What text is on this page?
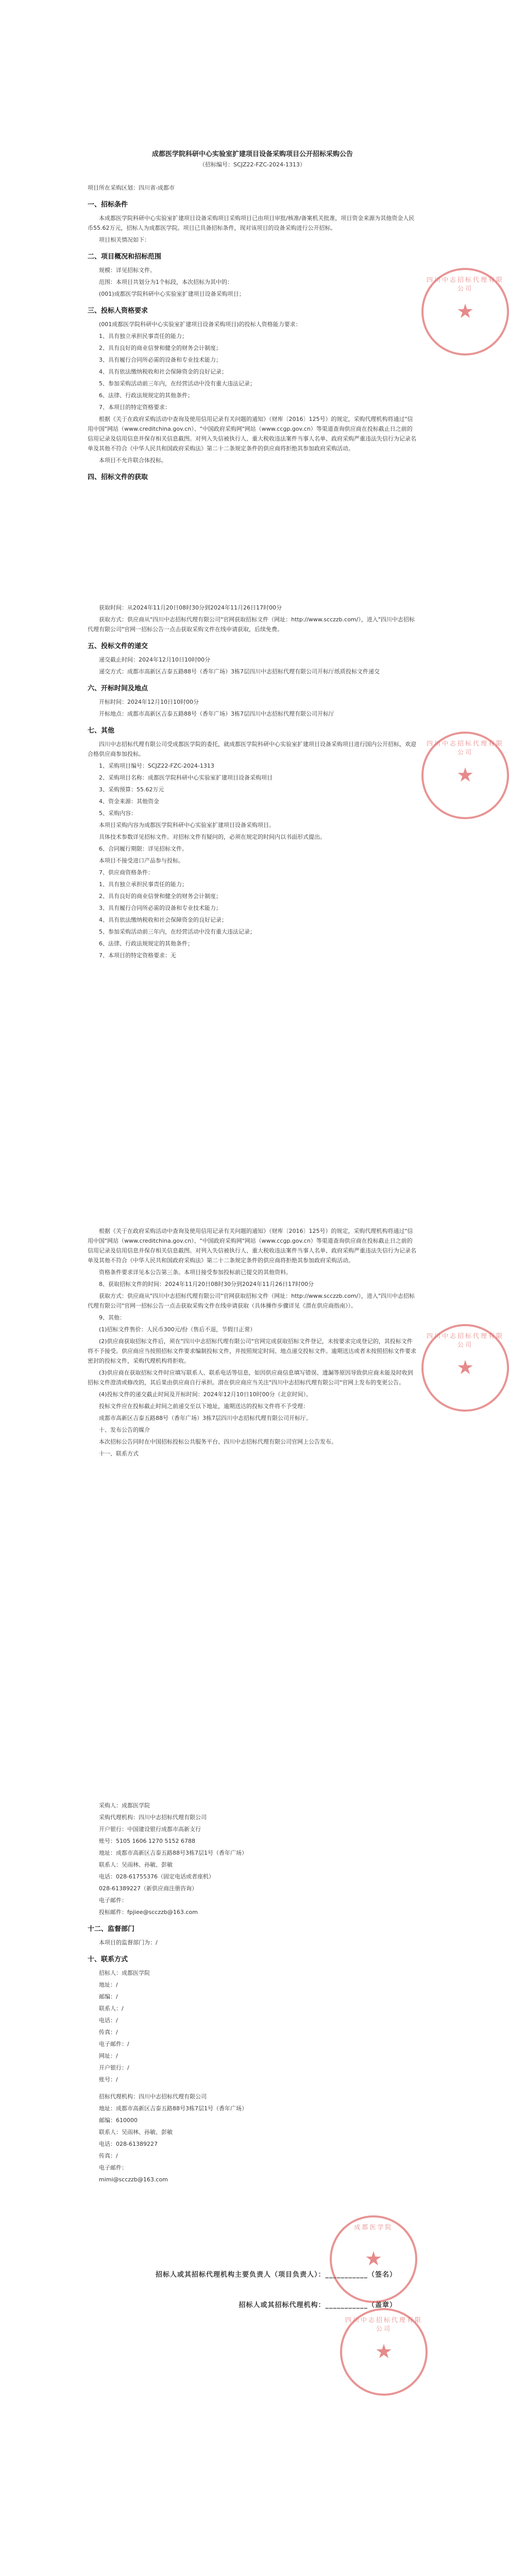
成都医学院科研中心实验室扩建项目设备采购项目公开招标采购公告

（招标编号：SCJZ22-FZC-2024-1313）

项目所在采购区划：四川省-成都市

一、招标条件

本成都医学院科研中心实验室扩建项目设备采购项目采购项目已由项目审批/核准/备案机关批准，项目资金来源为其他资金人民币55.62万元，招标人为成都医学院。项目已具备招标条件，现对该项目的设备采购进行公开招标。

项目相关情况如下：

二、项目概况和招标范围

规模：详见招标文件。

范围：本项目共划分为1个标段，本次招标为其中的：

(001)成都医学院科研中心实验室扩建项目设备采购项目；

三、投标人资格要求

(001成都医学院科研中心实验室扩建项目设备采购项目)的投标人资格能力要求：

1、具有独立承担民事责任的能力；

2、具有良好的商业信誉和健全的财务会计制度；

3、具有履行合同所必需的设备和专业技术能力；

4、具有依法缴纳税收和社会保障资金的良好记录；

5、参加采购活动前三年内，在经营活动中没有重大违法记录；

6、法律、行政法规规定的其他条件；

7、本项目的特定资格要求：

根据《关于在政府采购活动中查询及使用信用记录有关问题的通知》（财库〔2016〕125号）的规定，采购代理机构将通过"信用中国"网站（www.creditchina.gov.cn）、"中国政府采购网"网站（www.ccgp.gov.cn）等渠道查询供应商在投标截止日之前的信用记录及信用信息并保存相关信息截图。对列入失信被执行人、重大税收违法案件当事人名单、政府采购严重违法失信行为记录名单及其他不符合《中华人民共和国政府采购法》第二十二条规定条件的供应商将拒绝其参加政府采购活动。

本项目不允许联合体投标。

四、招标文件的获取
四川中志招标代理有限公司
★

获取时间：从2024年11月20日08时30分到2024年11月26日17时00分

获取方式：供应商从"四川中志招标代理有限公司"官网获取招标文件（网址：http://www.scczzb.com/），进入"四川中志招标代理有限公司"官网一招标公告一点击获取采购文件在线申请获取，后续免费。

五、投标文件的递交

递交截止时间：2024年12月10日10时00分

递交方式：成都市高新区吉泰五路88号（香年广场）3栋7层四川中志招标代理有限公司开标厅纸质投标文件递交

六、开标时间及地点

开标时间：2024年12月10日10时00分

开标地点：成都市高新区吉泰五路88号（香年广场）3栋7层四川中志招标代理有限公司开标厅

七、其他

四川中志招标代理有限公司受成都医学院的委托，就成都医学院科研中心实验室扩建项目设备采购项目进行国内公开招标，欢迎合格供应商参加投标。

1、采购项目编号：SCJZ22-FZC-2024-1313

2、采购项目名称：成都医学院科研中心实验室扩建项目设备采购项目

3、采购预算：55.62万元

4、资金来源：其他资金

5、采购内容：

本项目采购内容为成都医学院科研中心实验室扩建项目设备采购项目。

具体技术参数详见招标文件。对招标文件有疑问的，必须在规定的时间内以书面形式提出。

6、合同履行期限：详见招标文件。

本项目不接受进口产品参与投标。

7、供应商资格条件：

1、具有独立承担民事责任的能力；

2、具有良好的商业信誉和健全的财务会计制度；

3、具有履行合同所必需的设备和专业技术能力；

4、具有依法缴纳税收和社会保障资金的良好记录；

5、参加采购活动前三年内，在经营活动中没有重大违法记录；

6、法律、行政法规规定的其他条件；

7、本项目的特定资格要求：无

四川中志招标代理有限公司
★

根据《关于在政府采购活动中查询及使用信用记录有关问题的通知》（财库〔2016〕125号）的规定，采购代理机构将通过"信用中国"网站（www.creditchina.gov.cn）、"中国政府采购网"网站（www.ccgp.gov.cn）等渠道查询供应商在投标截止日之前的信用记录及信用信息并保存相关信息截图。对列入失信被执行人、重大税收违法案件当事人名单、政府采购严重违法失信行为记录名单及其他不符合《中华人民共和国政府采购法》第二十二条规定条件的供应商将拒绝其参加政府采购活动。

资格条件要求详见本公告第三条。本项目接受参加投标前已提交的其他资料。

8、获取招标文件的时间：2024年11月20日08时30分到2024年11月26日17时00分

获取方式：供应商从"四川中志招标代理有限公司"官网获取招标文件（网址：http://www.scczzb.com/），进入"四川中志招标代理有限公司"官网一招标公告一点击获取采购文件在线申请获取（具体操作步骤详见《潜在供应商指南》）。

9、其他：

(1)招标文件售价：人民币300元/份（售后不退，节假日正常）

(2)供应商获取招标文件后，须在"四川中志招标代理有限公司"官网完成获取招标文件登记，未按要求完成登记的，其投标文件将不予接受。供应商应当按照招标文件要求编制投标文件，并按照规定时间、地点递交投标文件。逾期送达或者未按照招标文件要求密封的投标文件，采购代理机构将拒收。

(3)供应商在获取招标文件时应填写联系人、联系电话等信息，如因供应商信息填写错误、遗漏等原因导致供应商未能及时收到招标文件澄清或修改的，其后果由供应商自行承担。潜在供应商应当关注"四川中志招标代理有限公司"官网上发布的变更公告。

(4)投标文件的递交截止时间及开标时间：2024年12月10日10时00分（北京时间）。

投标文件应在投标截止时间之前递交至以下地址，逾期送达的投标文件将不予受理：

成都市高新区吉泰五路88号（香年广场）3栋7层四川中志招标代理有限公司开标厅。

十、发布公告的媒介

本次招标公告同时在中国招标投标公共服务平台、四川中志招标代理有限公司官网上公告发布。

十一、联系方式

四川中志招标代理有限公司
★

采购人：成都医学院

采购代理机构：四川中志招标代理有限公司

开户银行：中国建设银行成都市高新支行

账号：5105 1606 1270 5152 6788

地址：成都市高新区吉泰五路88号3栋7层1号（香年广场）

联系人：吴雨林、孙敏、彭敏

电话：028-61755376（固定电话或者座机）

028-61389227（新供应商注册咨询）

电子邮件：

投标邮件：fpjiee@scczzb@163.com

十二、监督部门

本项目的监督部门为：/

十、联系方式

招标人：成都医学院

地址：/

邮编：/

联系人：/

电话：/

传真：/

电子邮件：/

网址：/

开户银行：/

账号：/

招标代理机构：四川中志招标代理有限公司

地址：成都市高新区吉泰五路88号3栋7层1号（香年广场）

邮编：610000

联系人：吴雨林、孙敏、彭敏

电话：028-61389227

传真：/

电子邮件：

mimi@scczzb@163.com

招标人或其招标代理机构主要负责人（项目负责人）：___________（签名）
招标人或其招标代理机构：___________（盖章）
成都医学院
★
四川中志招标代理有限公司
★
